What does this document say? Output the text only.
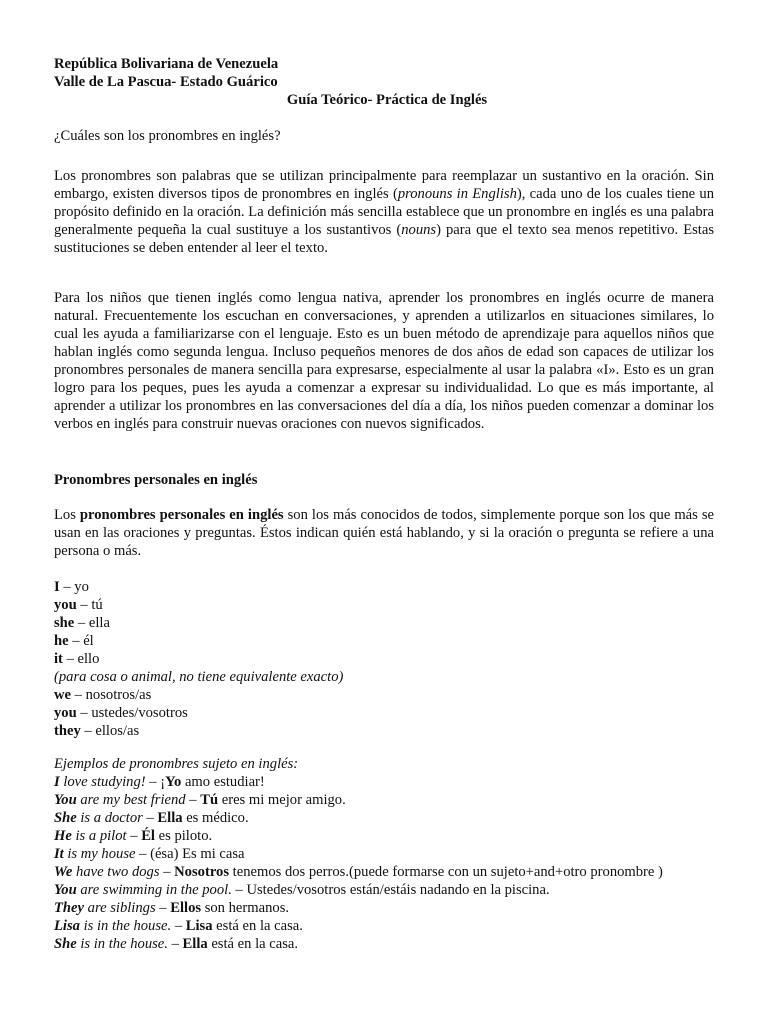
República Bolivariana de Venezuela
Valle de La Pascua- Estado Guárico
Guía Teórico- Práctica de Inglés
¿Cuáles son los pronombres en inglés?
Los pronombres son palabras que se utilizan principalmente para reemplazar un sustantivo en la oración. Sin embargo, existen diversos tipos de pronombres en inglés (pronouns in English), cada uno de los cuales tiene un propósito definido en la oración. La definición más sencilla establece que un pronombre en inglés es una palabra generalmente pequeña la cual sustituye a los sustantivos (nouns) para que el texto sea menos repetitivo. Estas sustituciones se deben entender al leer el texto.
Para los niños que tienen inglés como lengua nativa, aprender los pronombres en inglés ocurre de manera natural. Frecuentemente los escuchan en conversaciones, y aprenden a utilizarlos en situaciones similares, lo cual les ayuda a familiarizarse con el lenguaje. Esto es un buen método de aprendizaje para aquellos niños que hablan inglés como segunda lengua. Incluso pequeños menores de dos años de edad son capaces de utilizar los pronombres personales de manera sencilla para expresarse, especialmente al usar la palabra «I». Esto es un gran logro para los peques, pues les ayuda a comenzar a expresar su individualidad. Lo que es más importante, al aprender a utilizar los pronombres en las conversaciones del día a día, los niños pueden comenzar a dominar los verbos en inglés para construir nuevas oraciones con nuevos significados.
Pronombres personales en inglés
Los pronombres personales en inglés son los más conocidos de todos, simplemente porque son los que más se usan en las oraciones y preguntas. Éstos indican quién está hablando, y si la oración o pregunta se refiere a una persona o más.
I – yo
you – tú
she – ella
he – él
it – ello
(para cosa o animal, no tiene equivalente exacto)
we – nosotros/as
you – ustedes/vosotros
they – ellos/as
Ejemplos de pronombres sujeto en inglés:
I love studying! – ¡Yo amo estudiar!
You are my best friend – Tú eres mi mejor amigo.
She is a doctor – Ella es médico.
He is a pilot – Él es piloto.
It is my house – (ésa) Es mi casa
We have two dogs – Nosotros tenemos dos perros.(puede formarse con un sujeto+and+otro pronombre )
You are swimming in the pool. – Ustedes/vosotros están/estáis nadando en la piscina.
They are siblings – Ellos son hermanos.
Lisa is in the house. – Lisa está en la casa.
She is in the house. – Ella está en la casa.
